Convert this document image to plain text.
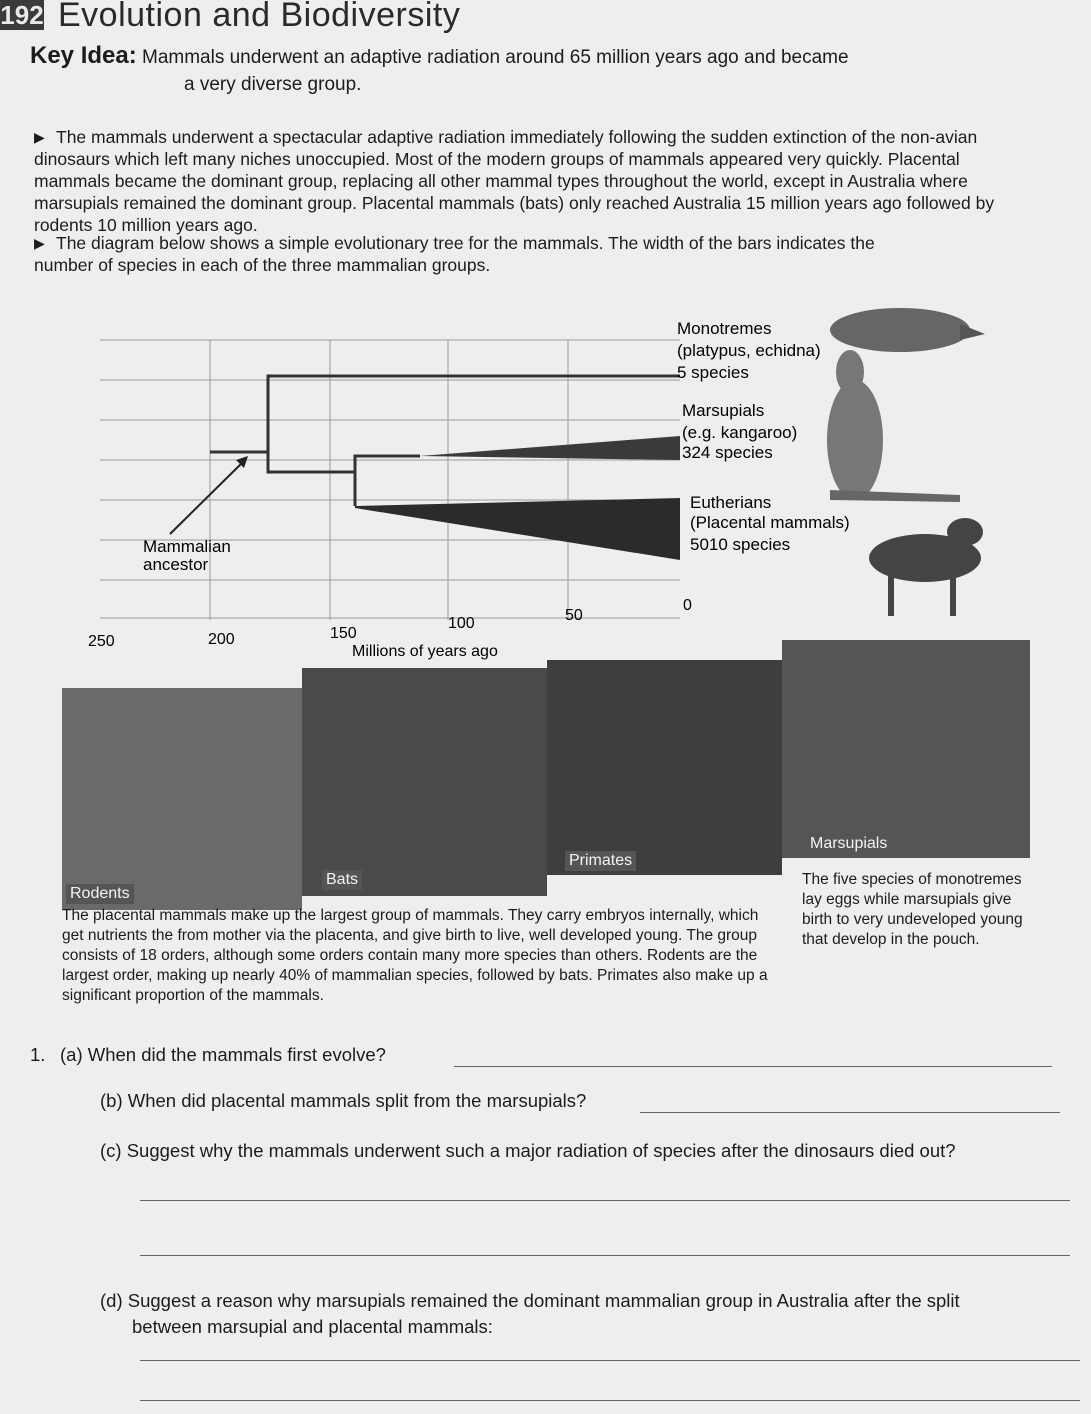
192 Evolution and Biodiversity
Key Idea: Mammals underwent an adaptive radiation around 65 million years ago and became
a very diverse group.
▶ The mammals underwent a spectacular adaptive radiation immediately following the sudden extinction of the non-avian dinosaurs which left many niches unoccupied. Most of the modern groups of mammals appeared very quickly. Placental mammals became the dominant group, replacing all other mammal types throughout the world, except in Australia where marsupials remained the dominant group. Placental mammals (bats) only reached Australia 15 million years ago followed by rodents 10 million years ago.
▶ The diagram below shows a simple evolutionary tree for the mammals. The width of the bars indicates the number of species in each of the three mammalian groups.
Mammalian
ancestor
Monotremes
(platypus, echidna)
5 species
Marsupials
(e.g. kangaroo)
324 species
Eutherians
(Placental mammals)
5010 species
250	200	150
100	50
0
Millions of years ago
Rodents
Bats
Primates
Marsupials
The placental mammals make up the largest group of mammals. They carry embryos internally, which get nutrients the from mother via the placenta, and give birth to live, well developed young. The group consists of 18 orders, although some orders contain many more species than others. Rodents are the largest order, making up nearly 40% of mammalian species, followed by bats. Primates also make up a significant proportion of the mammals.
The five species of monotremes lay eggs while marsupials give birth to very undeveloped young that develop in the pouch.
1. (a) When did the mammals first evolve?
(b) When did placental mammals split from the marsupials?
(c) Suggest why the mammals underwent such a major radiation of species after the dinosaurs died out?
(d) Suggest a reason why marsupials remained the dominant mammalian group in Australia after the split
between marsupial and placental mammals:
